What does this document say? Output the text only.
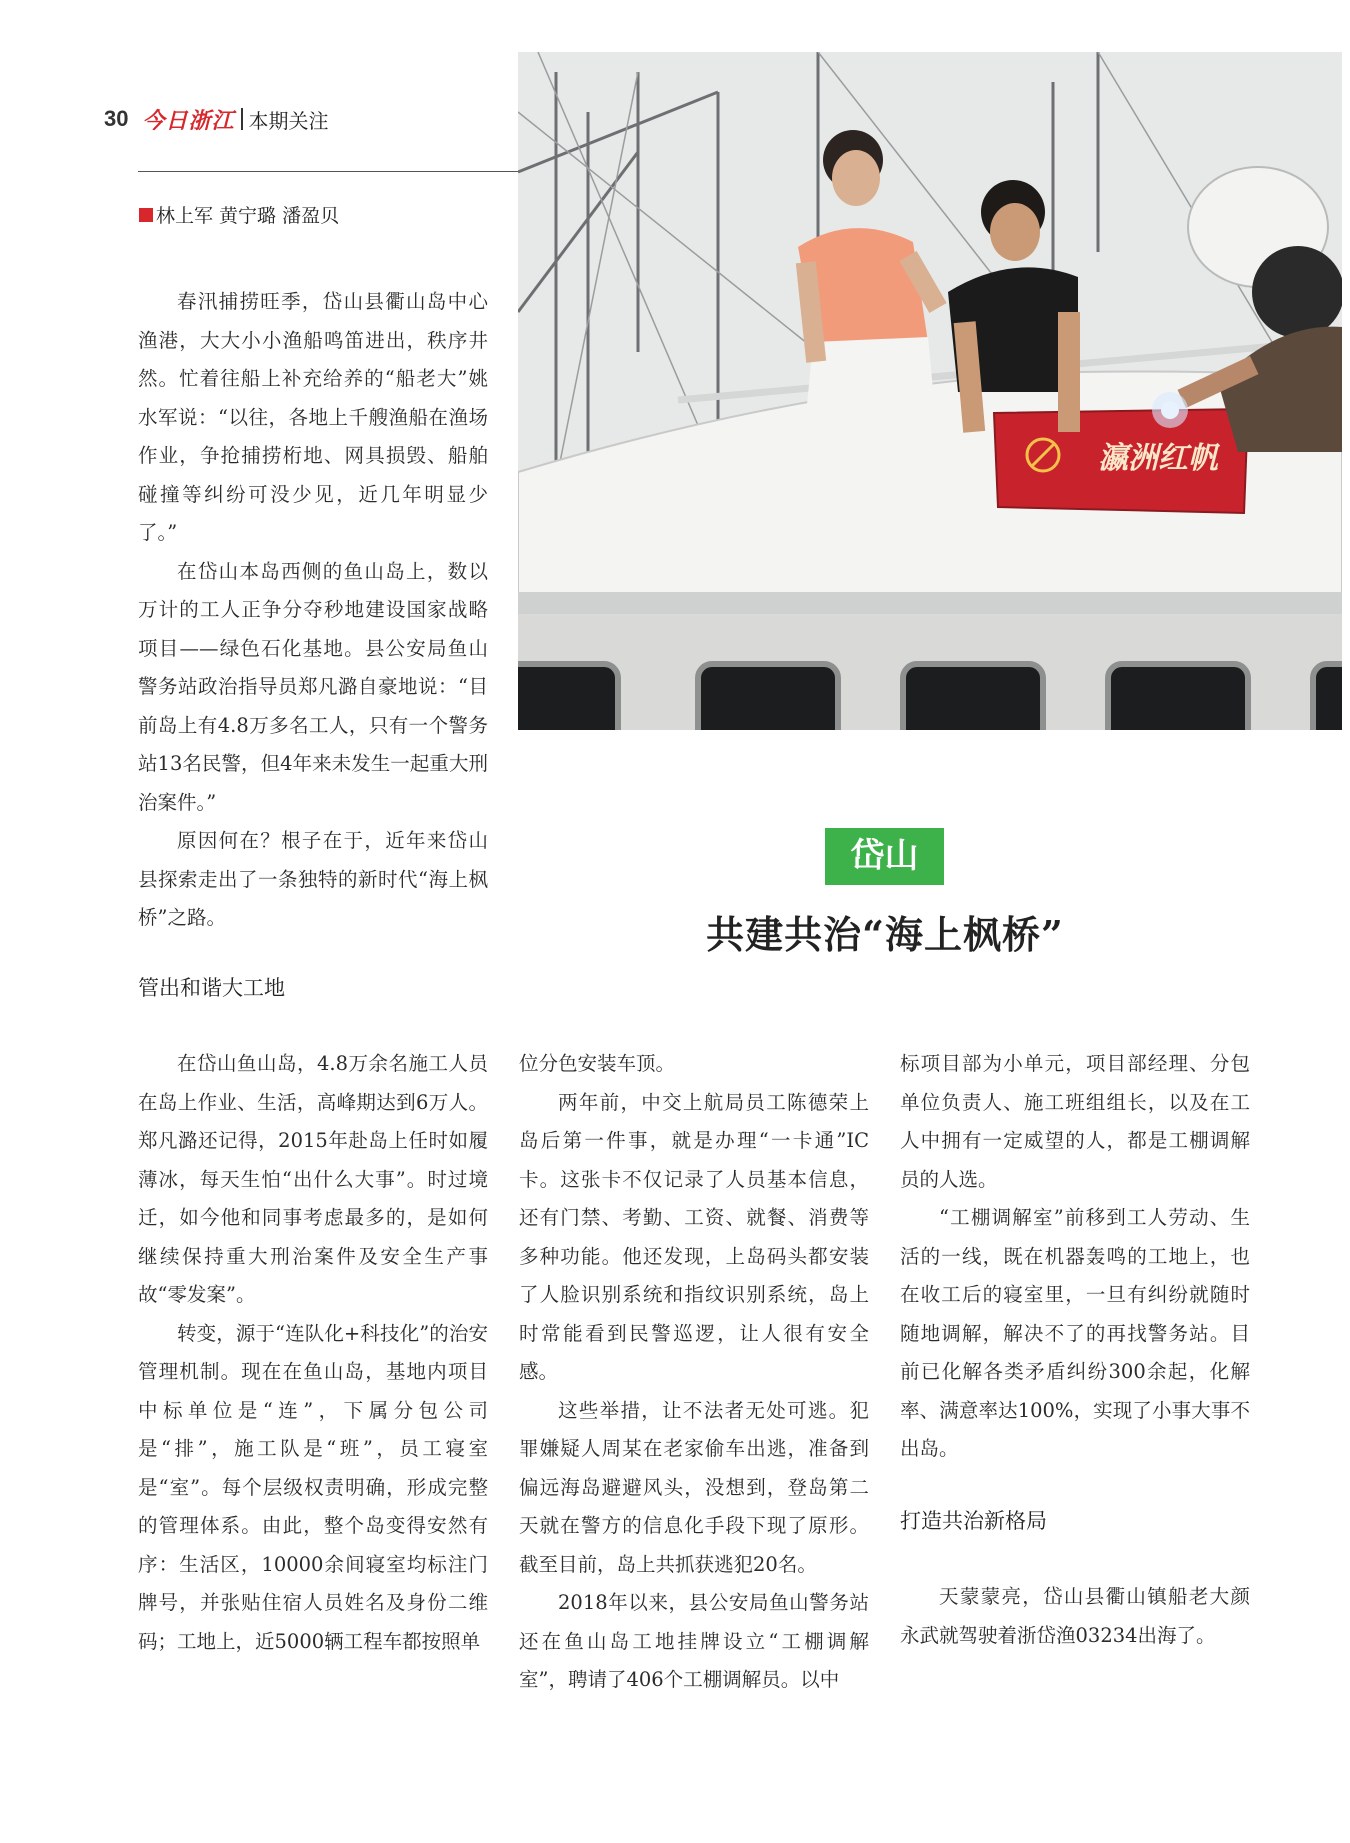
30 今日浙江 本期关注
林上军 黄宁璐 潘盈贝
瀛洲红帆

春汛捕捞旺季，岱山县衢山岛中心渔港，大大小小渔船鸣笛进出，秩序井然。忙着往船上补充给养的“船老大”姚水军说：“以往，各地上千艘渔船在渔场作业，争抢捕捞桁地、网具损毁、船舶碰撞等纠纷可没少见，近几年明显少了。”

在岱山本岛西侧的鱼山岛上，数以万计的工人正争分夺秒地建设国家战略项目——绿色石化基地。县公安局鱼山警务站政治指导员郑凡潞自豪地说：“目前岛上有4.8万多名工人，只有一个警务站13名民警，但4年来未发生一起重大刑治案件。”

原因何在？根子在于，近年来岱山县探索走出了一条独特的新时代“海上枫桥”之路。

岱山
共建共治“海上枫桥”
管出和谐大工地

在岱山鱼山岛，4.8万余名施工人员在岛上作业、生活，高峰期达到6万人。郑凡潞还记得，2015年赴岛上任时如履薄冰，每天生怕“出什么大事”。时过境迁，如今他和同事考虑最多的，是如何继续保持重大刑治案件及安全生产事故“零发案”。

转变，源于“连队化+科技化”的治安管理机制。现在在鱼山岛，基地内项目中标单位是“连”，下属分包公司是“排”，施工队是“班”，员工寝室是“室”。每个层级权责明确，形成完整的管理体系。由此，整个岛变得安然有序：生活区，10000余间寝室均标注门牌号，并张贴住宿人员姓名及身份二维码；工地上，近5000辆工程车都按照单

位分色安装车顶。

两年前，中交上航局员工陈德荣上岛后第一件事，就是办理“一卡通”IC卡。这张卡不仅记录了人员基本信息，还有门禁、考勤、工资、就餐、消费等多种功能。他还发现，上岛码头都安装了人脸识别系统和指纹识别系统，岛上时常能看到民警巡逻，让人很有安全感。

这些举措，让不法者无处可逃。犯罪嫌疑人周某在老家偷车出逃，准备到偏远海岛避避风头，没想到，登岛第二天就在警方的信息化手段下现了原形。截至目前，岛上共抓获逃犯20名。

2018年以来，县公安局鱼山警务站还在鱼山岛工地挂牌设立“工棚调解室”，聘请了406个工棚调解员。以中

标项目部为小单元，项目部经理、分包单位负责人、施工班组组长，以及在工人中拥有一定威望的人，都是工棚调解员的人选。

“工棚调解室”前移到工人劳动、生活的一线，既在机器轰鸣的工地上，也在收工后的寝室里，一旦有纠纷就随时随地调解，解决不了的再找警务站。目前已化解各类矛盾纠纷300余起，化解率、满意率达100%，实现了小事大事不出岛。

打造共治新格局

天蒙蒙亮，岱山县衢山镇船老大颜永武就驾驶着浙岱渔03234出海了。
